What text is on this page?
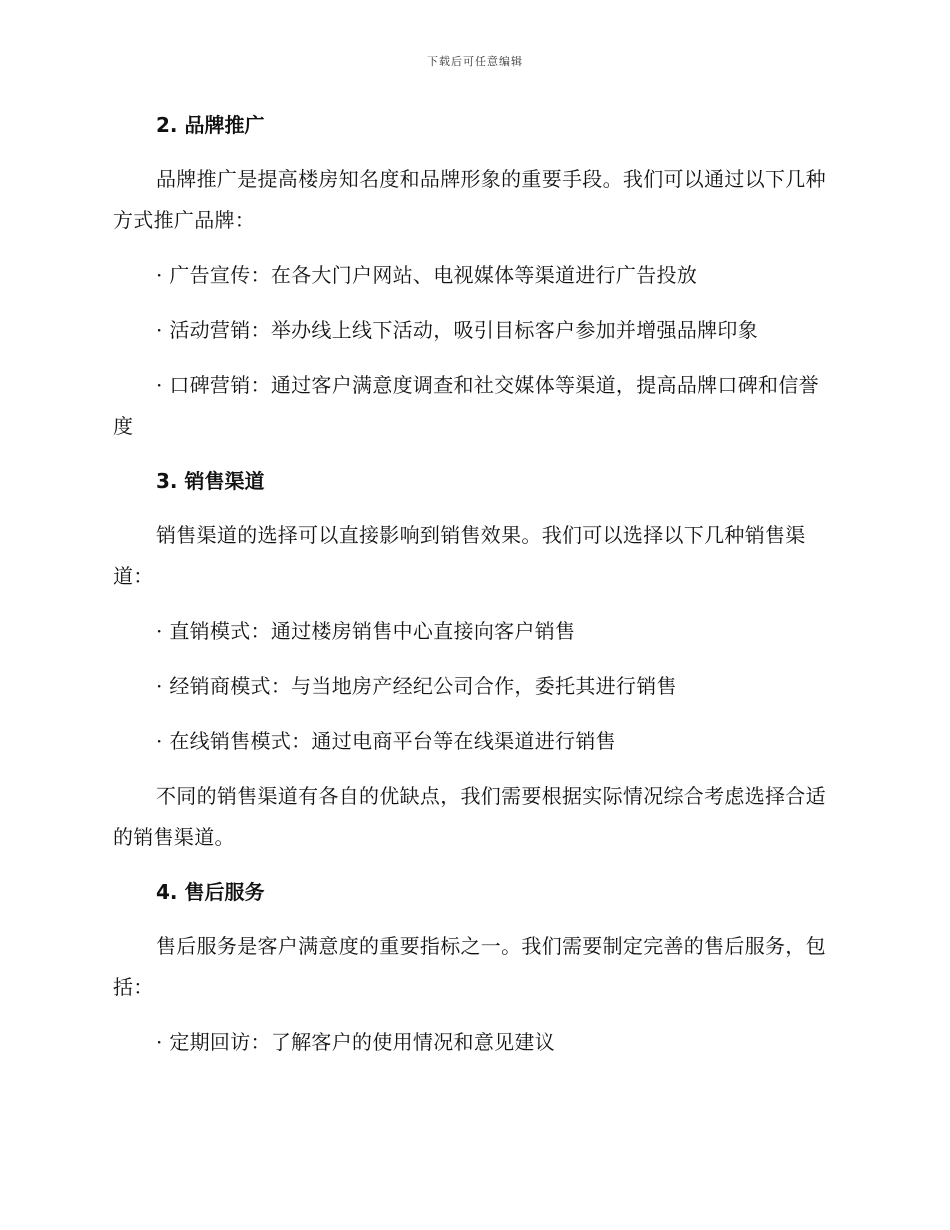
下载后可任意编辑
2. 品牌推广
品牌推广是提高楼房知名度和品牌形象的重要手段。我们可以通过以下几种方式推广品牌：
· 广告宣传：在各大门户网站、电视媒体等渠道进行广告投放
· 活动营销：举办线上线下活动，吸引目标客户参加并增强品牌印象
· 口碑营销：通过客户满意度调查和社交媒体等渠道，提高品牌口碑和信誉度
3. 销售渠道
销售渠道的选择可以直接影响到销售效果。我们可以选择以下几种销售渠道：
· 直销模式：通过楼房销售中心直接向客户销售
· 经销商模式：与当地房产经纪公司合作，委托其进行销售
· 在线销售模式：通过电商平台等在线渠道进行销售
不同的销售渠道有各自的优缺点，我们需要根据实际情况综合考虑选择合适的销售渠道。
4. 售后服务
售后服务是客户满意度的重要指标之一。我们需要制定完善的售后服务，包括：
· 定期回访：了解客户的使用情况和意见建议
